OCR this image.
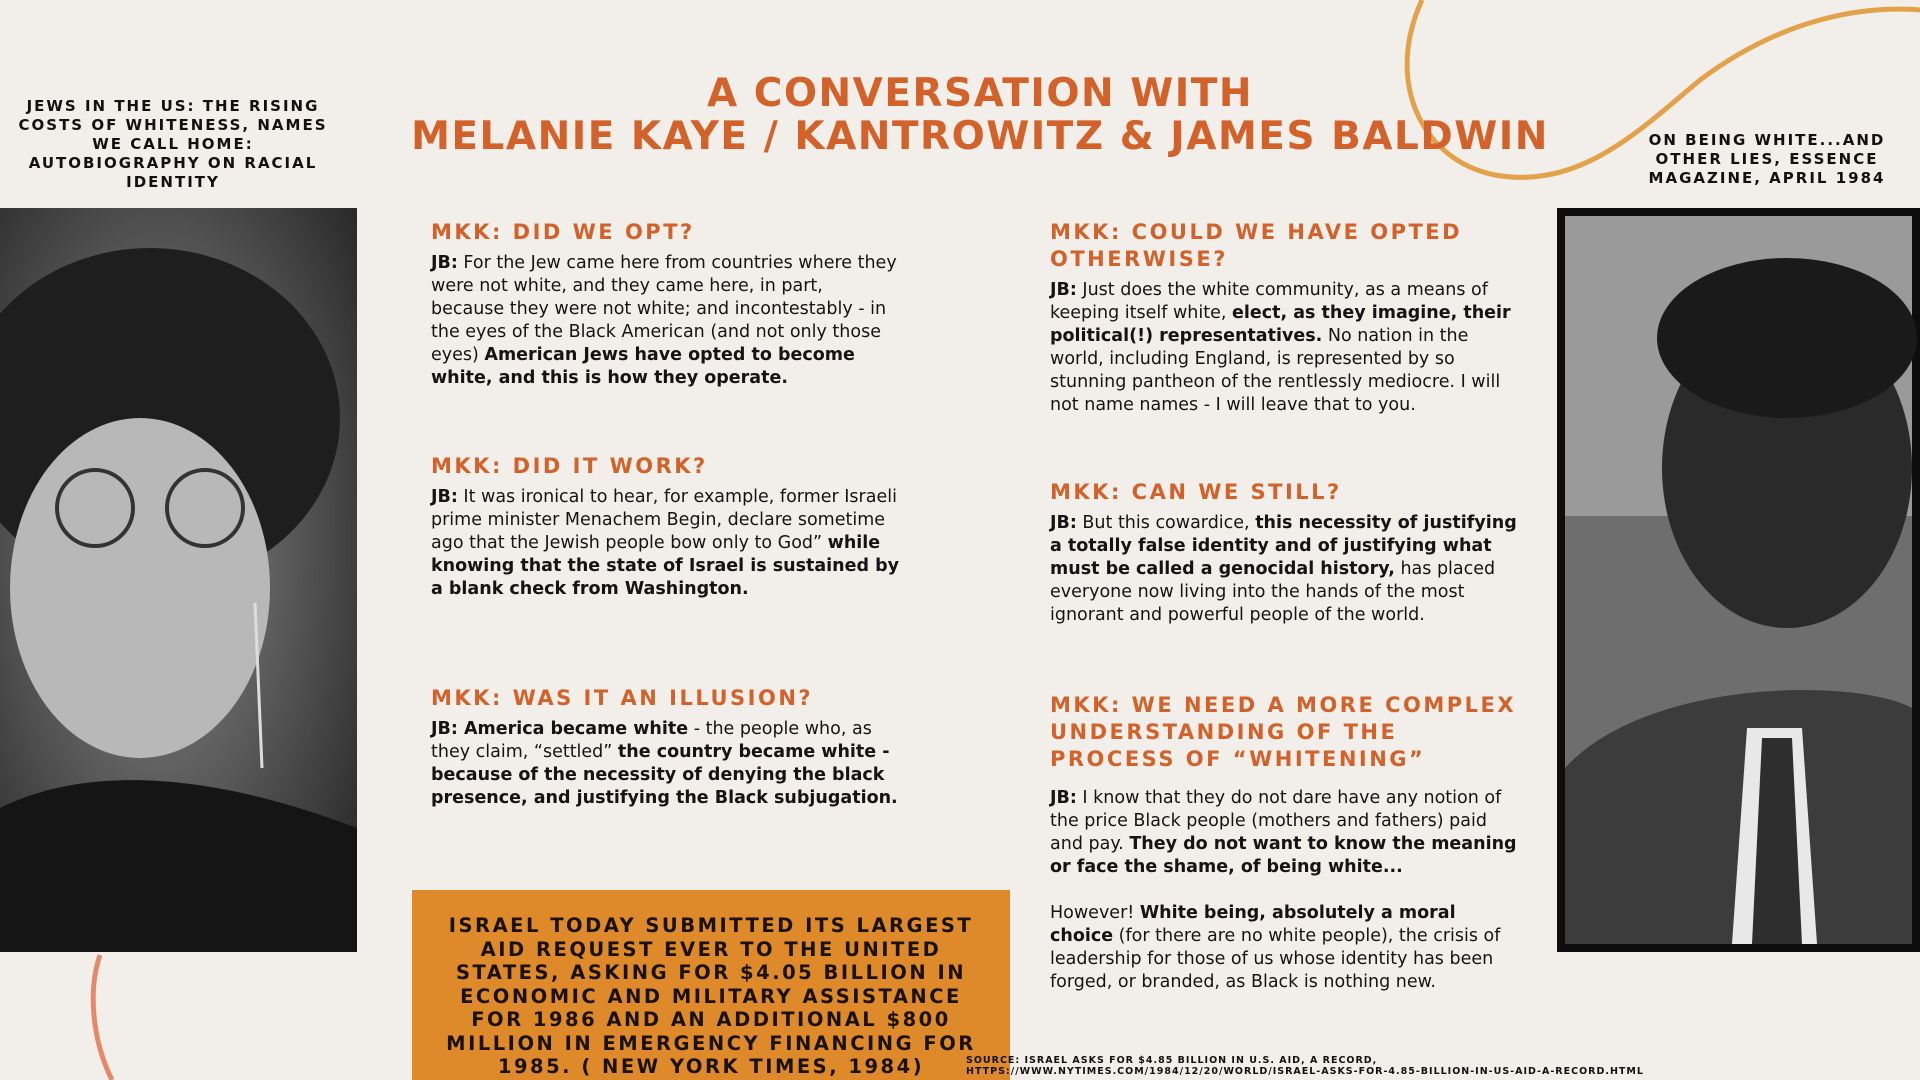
JEWS IN THE US: THE RISING COSTS OF WHITENESS, NAMES WE CALL HOME: AUTOBIOGRAPHY ON RACIAL IDENTITY
ON BEING WHITE...AND OTHER LIES, ESSENCE MAGAZINE, APRIL 1984
A CONVERSATION WITH
MELANIE KAYE / KANTROWITZ & JAMES BALDWIN

MKK: DID WE OPT?

JB: For the Jew came here from countries where they were not white, and they came here, in part, because they were not white; and incontestably - in the eyes of the Black American (and not only those eyes) American Jews have opted to become white, and this is how they operate.

MKK: DID IT WORK?

JB: It was ironical to hear, for example, former Israeli prime minister Menachem Begin, declare sometime ago that the Jewish people bow only to God” while knowing that the state of Israel is sustained by a blank check from Washington.

MKK: WAS IT AN ILLUSION?

JB: America became white - the people who, as they claim, “settled” the country became white - because of the necessity of denying the black presence, and justifying the Black subjugation.

MKK: COULD WE HAVE OPTED OTHERWISE?

JB: Just does the white community, as a means of keeping itself white, elect, as they imagine, their political(!) representatives. No nation in the world, including England, is represented by so stunning pantheon of the rentlessly mediocre. I will not name names - I will leave that to you.

MKK: CAN WE STILL?

JB: But this cowardice, this necessity of justifying a totally false identity and of justifying what must be called a genocidal history, has placed everyone now living into the hands of the most ignorant and powerful people of the world.

MKK: WE NEED A MORE COMPLEX UNDERSTANDING OF THE PROCESS OF “WHITENING”

JB: I know that they do not dare have any notion of the price Black people (mothers and fathers) paid and pay. They do not want to know the meaning or face the shame, of being white...

However! White being, absolutely a moral choice (for there are no white people), the crisis of leadership for those of us whose identity has been forged, or branded, as Black is nothing new.

ISRAEL TODAY SUBMITTED ITS LARGEST AID REQUEST EVER TO THE UNITED STATES, ASKING FOR $4.05 BILLION IN ECONOMIC AND MILITARY ASSISTANCE FOR 1986 AND AN ADDITIONAL $800 MILLION IN EMERGENCY FINANCING FOR 1985. ( NEW YORK TIMES, 1984)	SOURCE: ISRAEL ASKS FOR $4.85 BILLION IN U.S. AID, A RECORD,
HTTPS://WWW.NYTIMES.COM/1984/12/20/WORLD/ISRAEL-ASKS-FOR-4.85-BILLION-IN-US-AID-A-RECORD.HTML
